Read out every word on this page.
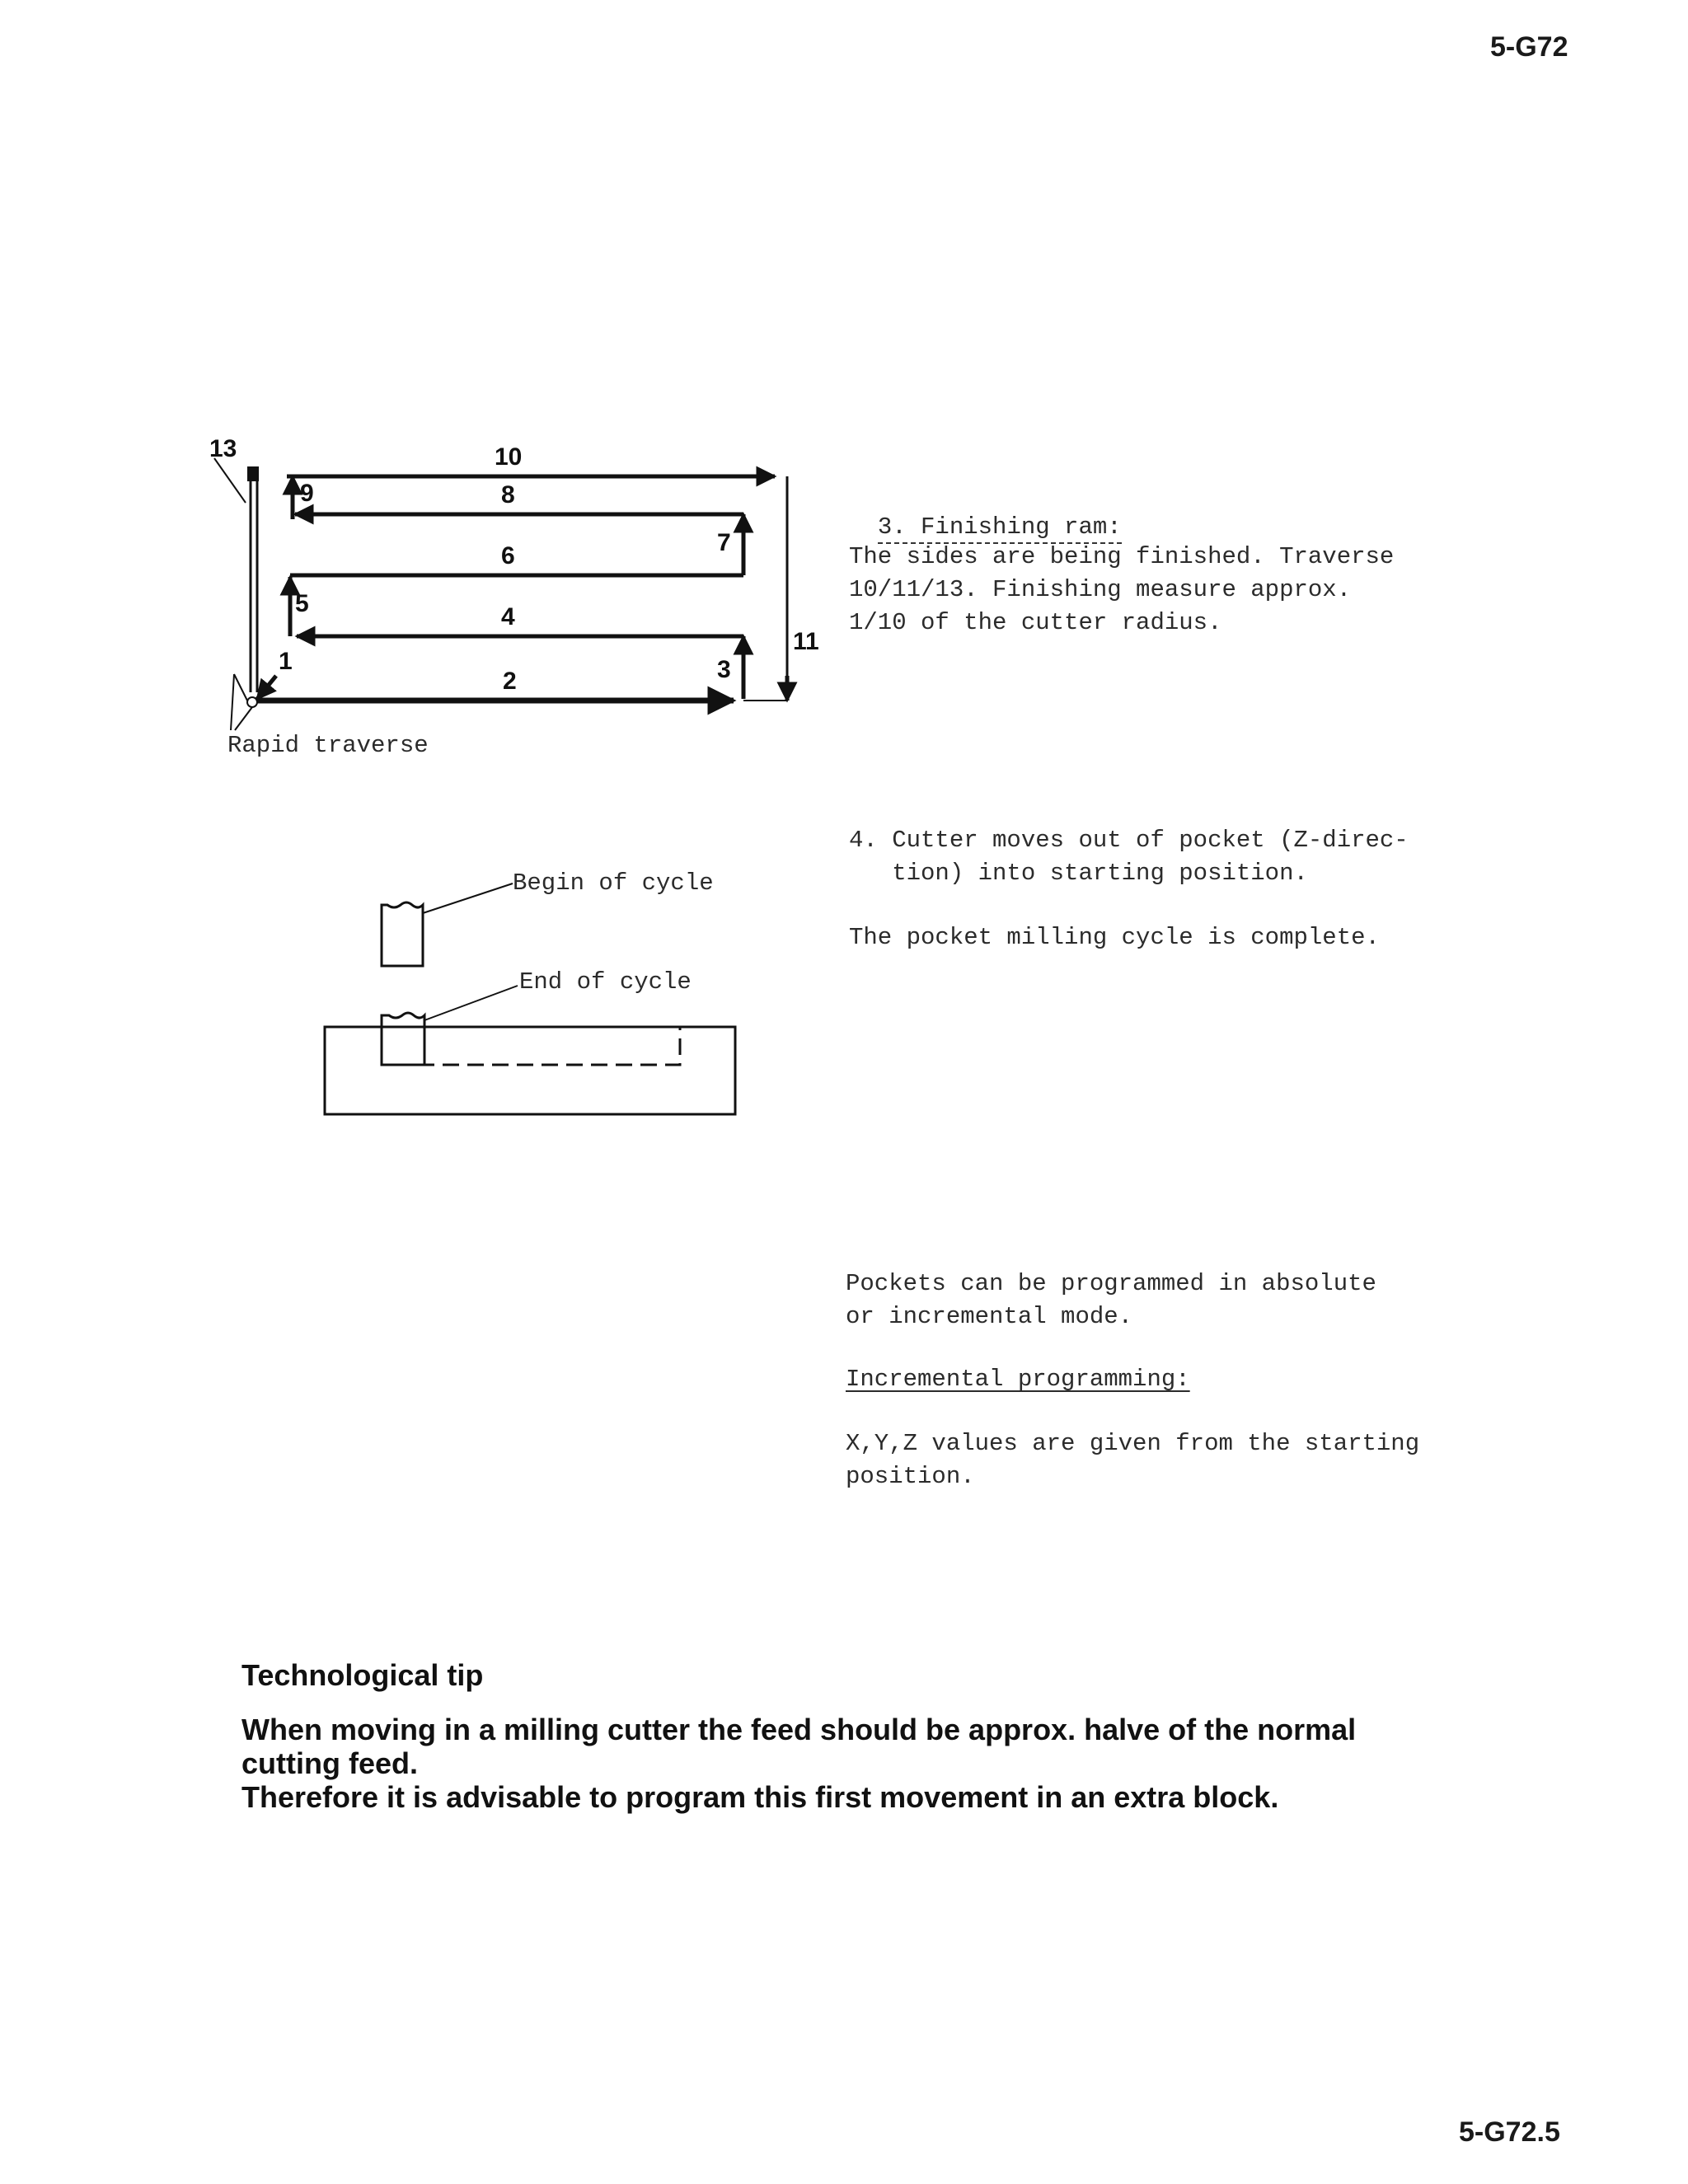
5-G72
5-G72.5
13	10
9	8
7
6
5	4
3
11
2
1
Rapid traverse
Begin of cycle
End of cycle

3. Finishing ram:

The sides are being finished. Traverse
10/11/13. Finishing measure approx.
1/10 of the cutter radius.
4. Cutter moves out of pocket (Z-direc-
tion) into starting position.
The pocket milling cycle is complete.
Pockets can be programmed in absolute
or incremental mode.
Incremental programming:
X,Y,Z values are given from the starting
position.
Technological tip
When moving in a milling cutter the feed should be approx. halve of the normal
cutting feed.
Therefore it is advisable to program this first movement in an extra block.
